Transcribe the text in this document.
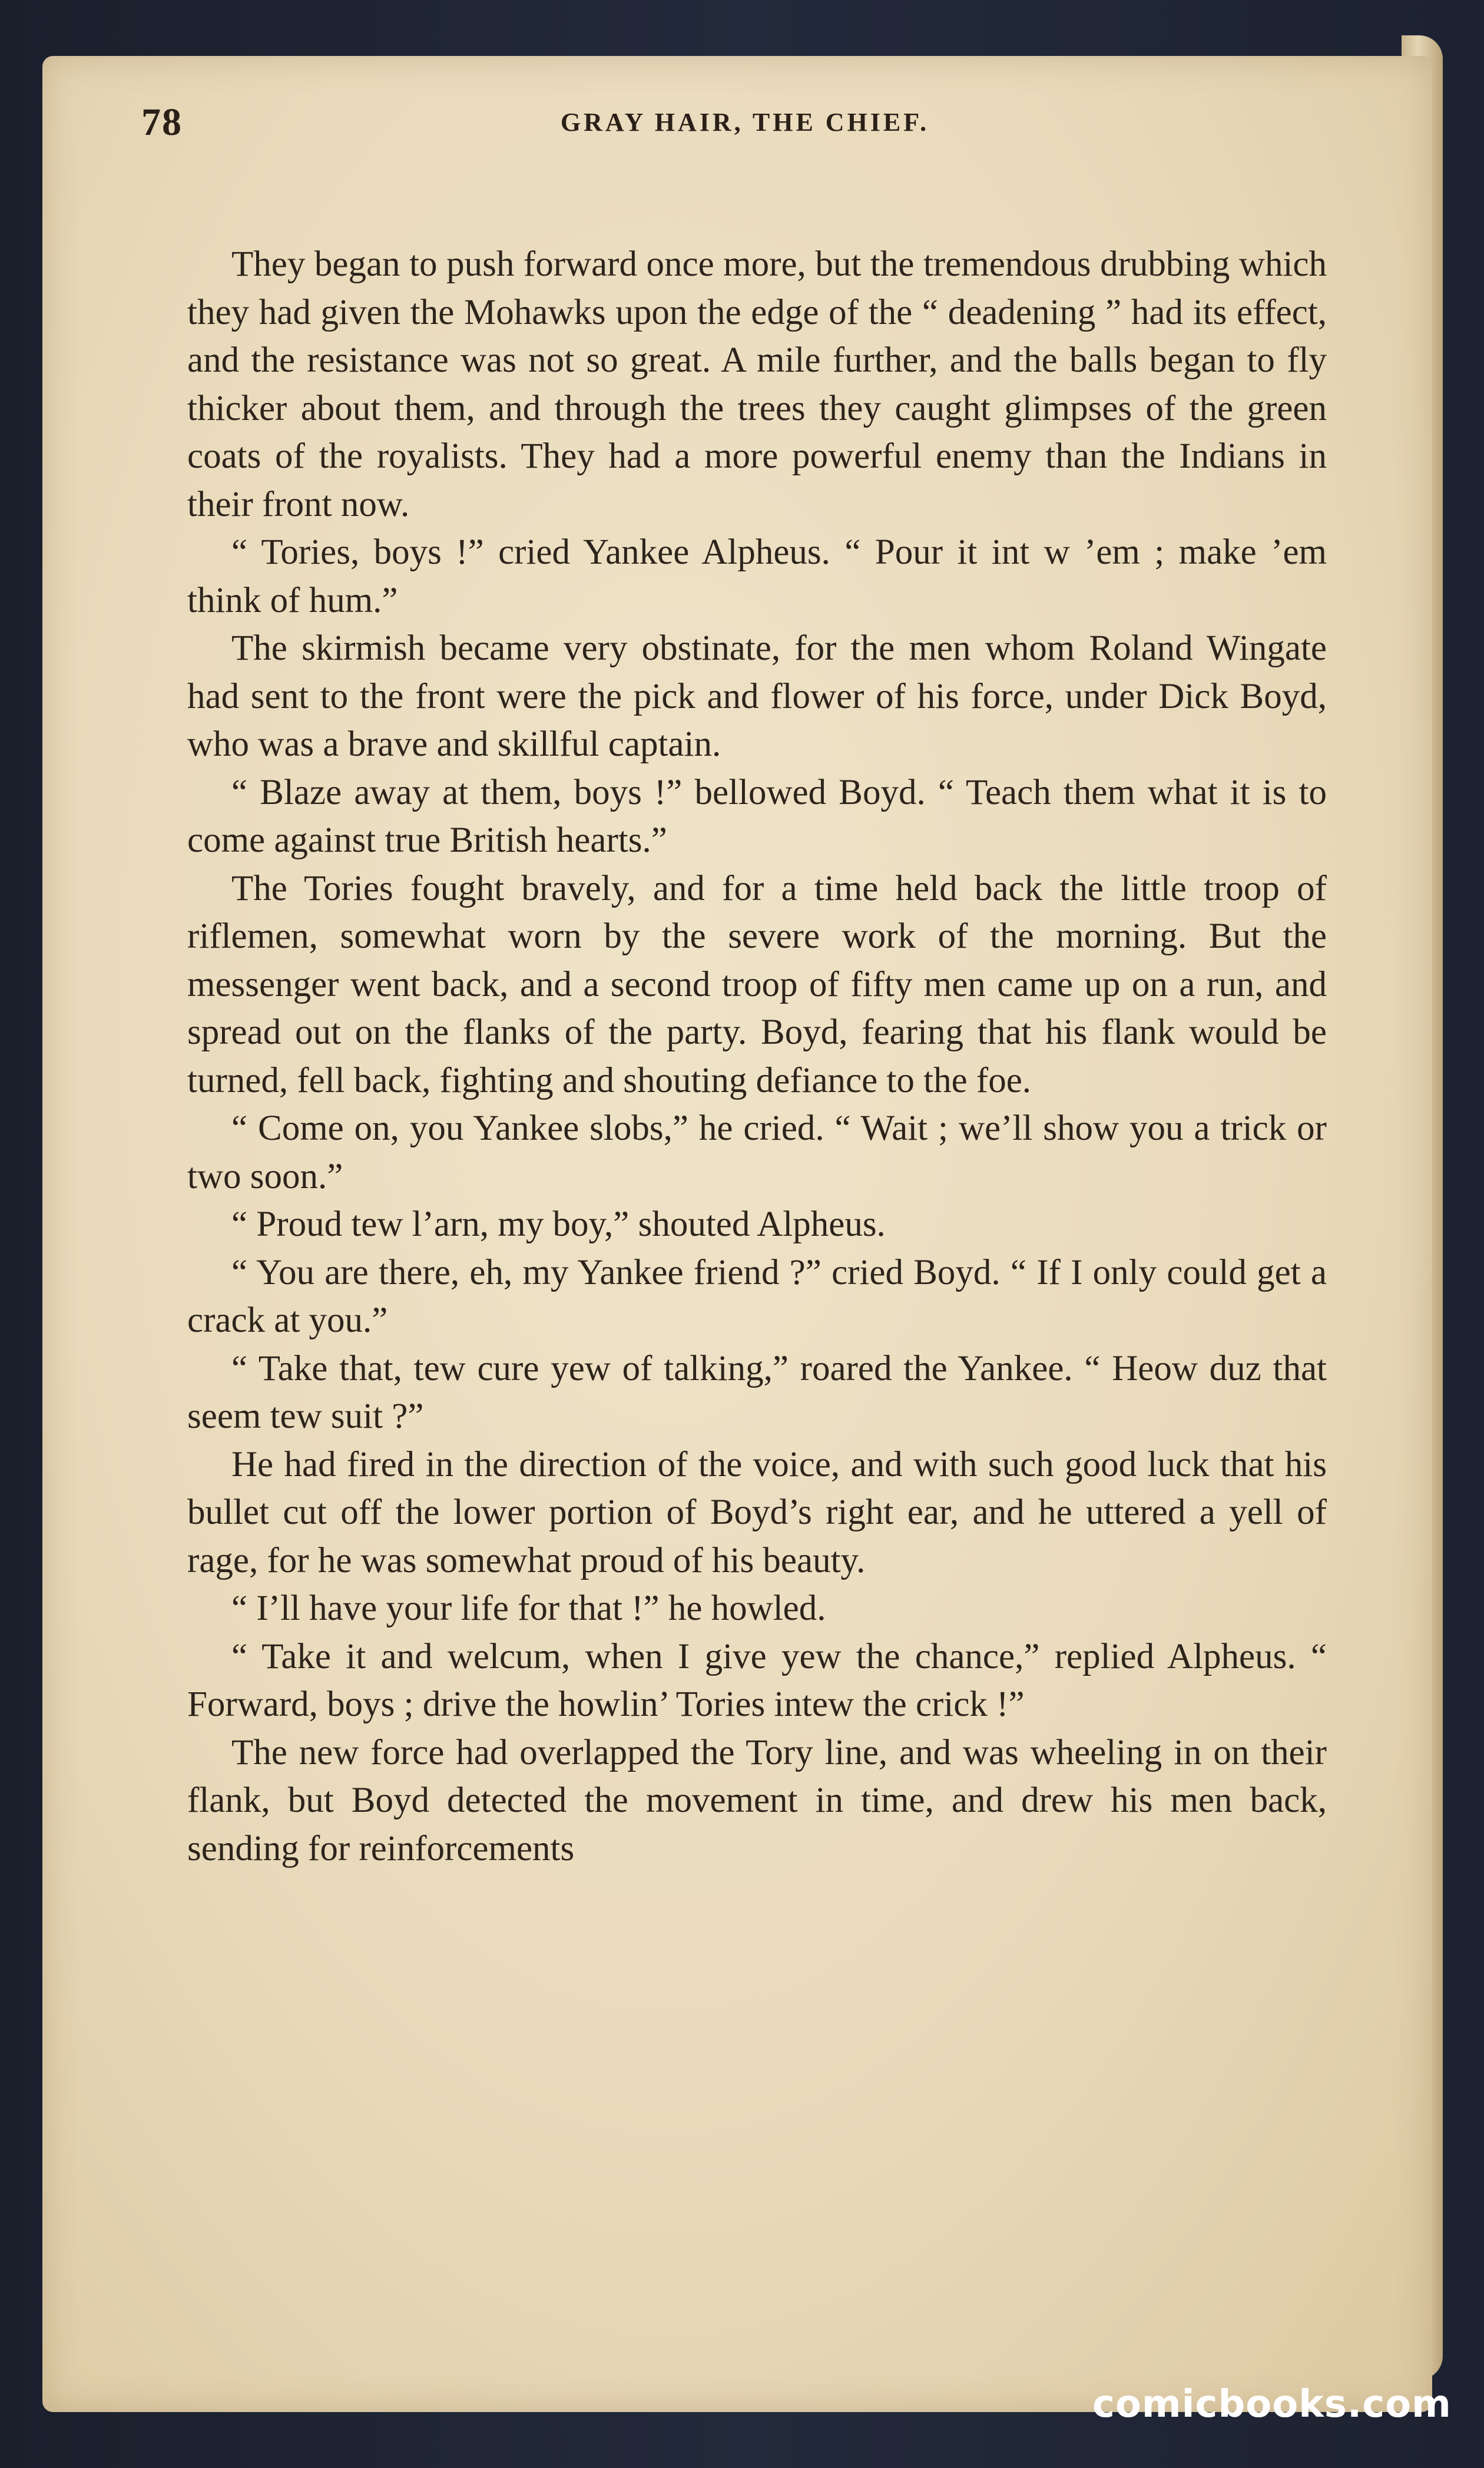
78	GRAY HAIR, THE CHIEF.

They began to push forward once more, but the tremendous drubbing which they had given the Mohawks upon the edge of the “ deadening ” had its effect, and the resistance was not so great. A mile further, and the balls began to fly thicker about them, and through the trees they caught glimpses of the green coats of the royalists. They had a more powerful enemy than the Indians in their front now.

“ Tories, boys !” cried Yankee Alpheus. “ Pour it int w ’em ; make ’em think of hum.”

The skirmish became very obstinate, for the men whom Roland Wingate had sent to the front were the pick and flower of his force, under Dick Boyd, who was a brave and skillful captain.

“ Blaze away at them, boys !” bellowed Boyd. “ Teach them what it is to come against true British hearts.”

The Tories fought bravely, and for a time held back the little troop of riflemen, somewhat worn by the severe work of the morning. But the messenger went back, and a second troop of fifty men came up on a run, and spread out on the flanks of the party. Boyd, fearing that his flank would be turned, fell back, fighting and shouting defiance to the foe.

“ Come on, you Yankee slobs,” he cried. “ Wait ; we’ll show you a trick or two soon.”

“ Proud tew l’arn, my boy,” shouted Alpheus.

“ You are there, eh, my Yankee friend ?” cried Boyd. “ If I only could get a crack at you.”

“ Take that, tew cure yew of talking,” roared the Yankee. “ Heow duz that seem tew suit ?”

He had fired in the direction of the voice, and with such good luck that his bullet cut off the lower portion of Boyd’s right ear, and he uttered a yell of rage, for he was somewhat proud of his beauty.

“ I’ll have your life for that !” he howled.

“ Take it and welcum, when I give yew the chance,” replied Alpheus. “ Forward, boys ; drive the howlin’ Tories intew the crick !”

The new force had overlapped the Tory line, and was wheeling in on their flank, but Boyd detected the movement in time, and drew his men back, sending for reinforcements

comicbooks.com
